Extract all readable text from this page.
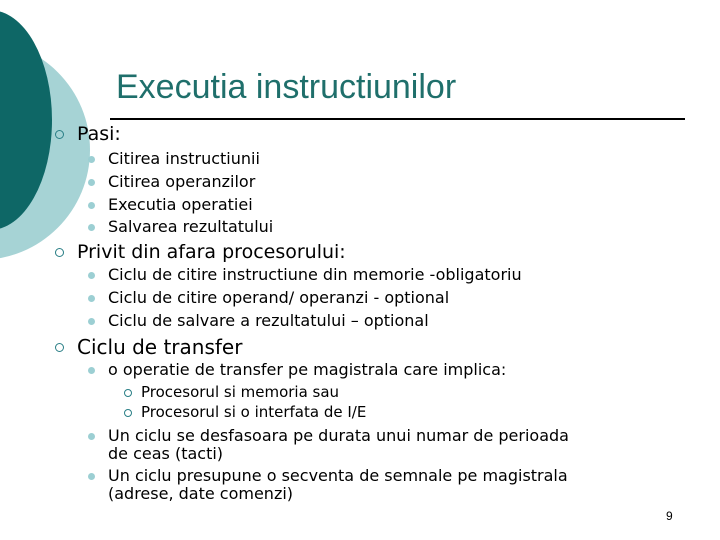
Executia instructiunilor
Pasi:
Citirea instructiunii
Citirea operanzilor
Executia operatiei
Salvarea rezultatului
Privit din afara procesorului:
Ciclu de citire instructiune din memorie -obligatoriu
Ciclu de citire operand/ operanzi - optional
Ciclu de salvare a rezultatului – optional
Ciclu de transfer
o operatie de transfer pe magistrala care implica:
Procesorul si memoria sau
Procesorul si o interfata de I/E
Un ciclu se desfasoara pe durata unui numar de perioada
de ceas (tacti)
Un ciclu presupune o secventa de semnale pe magistrala
(adrese, date comenzi)
9
